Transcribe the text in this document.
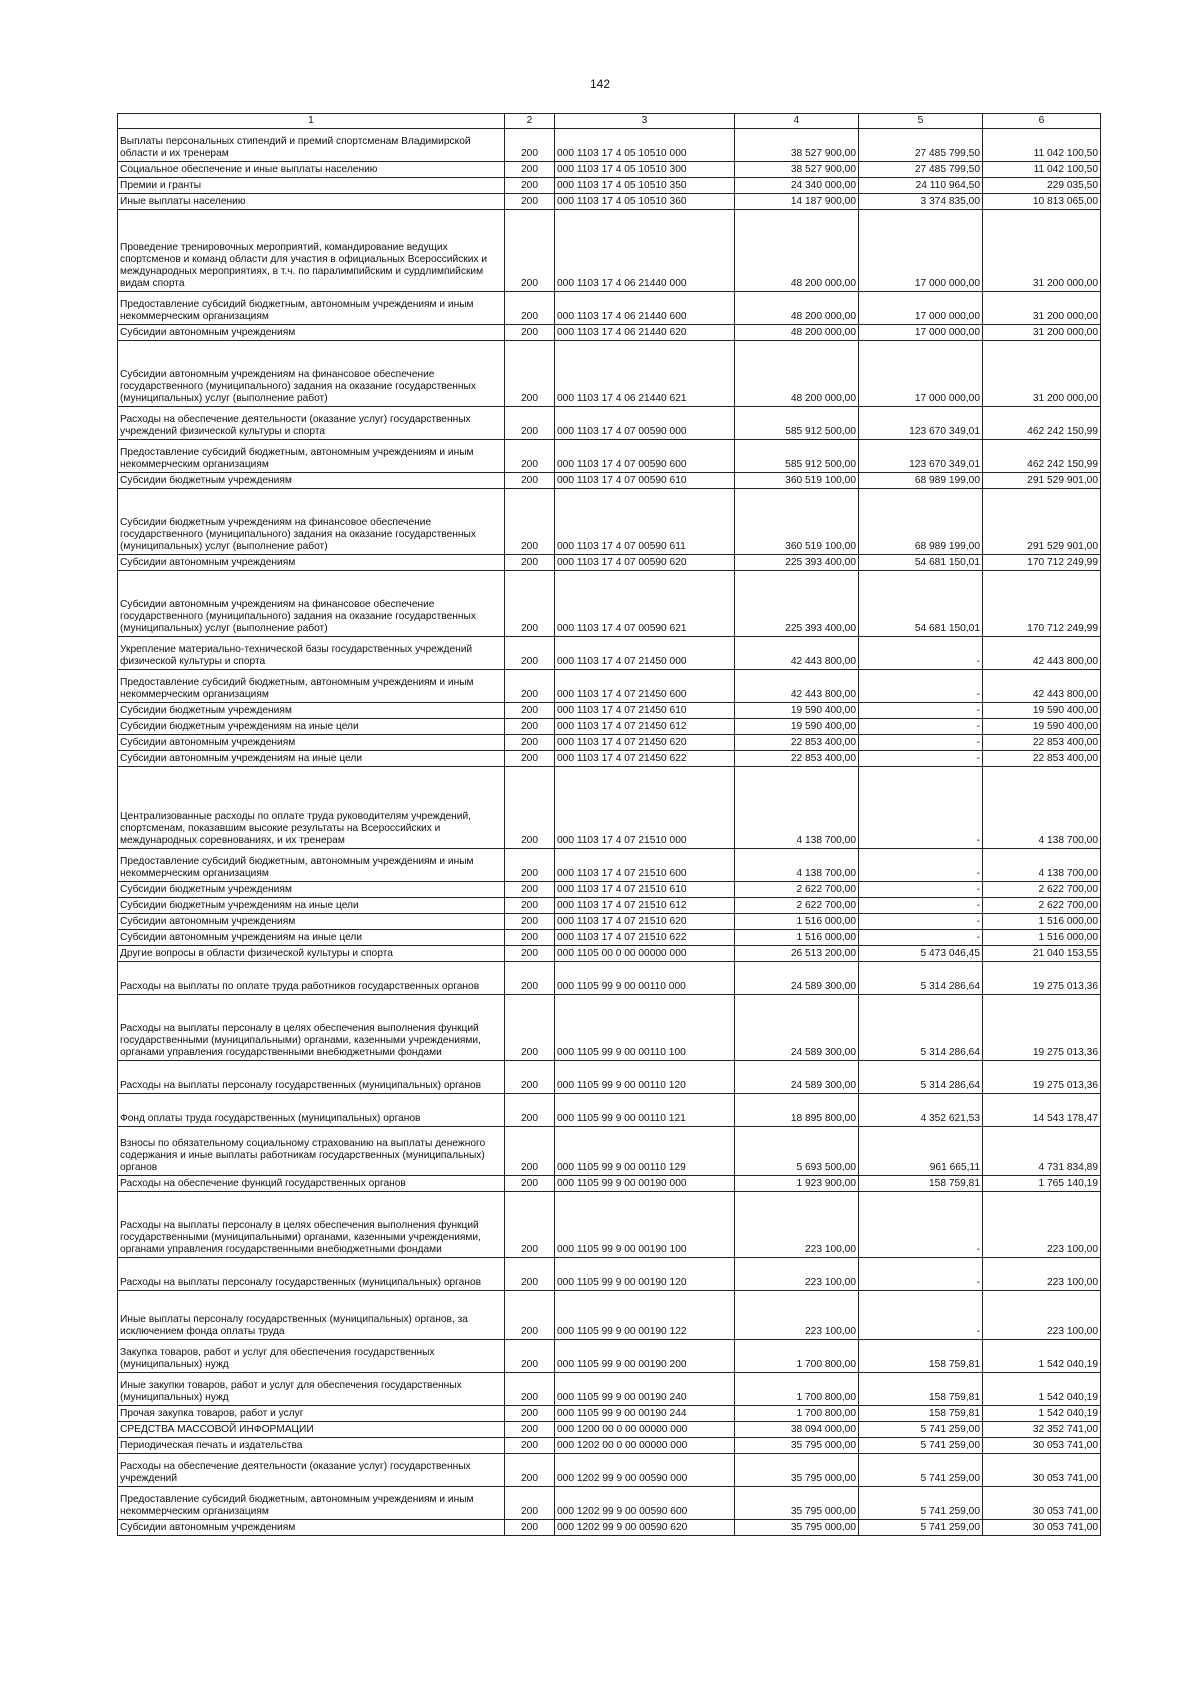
142
1	2	3	4	5	6
Выплаты персональных стипендий и премий спортсменам Владимирской области и их тренерам	200	000 1103 17 4 05 10510 000	38 527 900,00	27 485 799,50	11 042 100,50
Социальное обеспечение и иные выплаты населению	200	000 1103 17 4 05 10510 300	38 527 900,00	27 485 799,50	11 042 100,50
Премии и гранты	200	000 1103 17 4 05 10510 350	24 340 000,00	24 110 964,50	229 035,50
Иные выплаты населению	200	000 1103 17 4 05 10510 360	14 187 900,00	3 374 835,00	10 813 065,00
Проведение тренировочных мероприятий, командирование ведущих спортсменов и команд области для участия в официальных Всероссийских и международных мероприятиях, в т.ч. по паралимпийским и сурдлимпийским видам спорта	200	000 1103 17 4 06 21440 000	48 200 000,00	17 000 000,00	31 200 000,00
Предоставление субсидий бюджетным, автономным учреждениям и иным некоммерческим организациям	200	000 1103 17 4 06 21440 600	48 200 000,00	17 000 000,00	31 200 000,00
Субсидии автономным учреждениям	200	000 1103 17 4 06 21440 620	48 200 000,00	17 000 000,00	31 200 000,00
Субсидии автономным учреждениям на финансовое обеспечение государственного (муниципального) задания на оказание государственных (муниципальных) услуг (выполнение работ)	200	000 1103 17 4 06 21440 621	48 200 000,00	17 000 000,00	31 200 000,00
Расходы на обеспечение деятельности (оказание услуг) государственных учреждений физической культуры и спорта	200	000 1103 17 4 07 00590 000	585 912 500,00	123 670 349,01	462 242 150,99
Предоставление субсидий бюджетным, автономным учреждениям и иным некоммерческим организациям	200	000 1103 17 4 07 00590 600	585 912 500,00	123 670 349,01	462 242 150,99
Субсидии бюджетным учреждениям	200	000 1103 17 4 07 00590 610	360 519 100,00	68 989 199,00	291 529 901,00
Субсидии бюджетным учреждениям на финансовое обеспечение государственного (муниципального) задания на оказание государственных (муниципальных) услуг (выполнение работ)	200	000 1103 17 4 07 00590 611	360 519 100,00	68 989 199,00	291 529 901,00
Субсидии автономным учреждениям	200	000 1103 17 4 07 00590 620	225 393 400,00	54 681 150,01	170 712 249,99
Субсидии автономным учреждениям на финансовое обеспечение государственного (муниципального) задания на оказание государственных (муниципальных) услуг (выполнение работ)	200	000 1103 17 4 07 00590 621	225 393 400,00	54 681 150,01	170 712 249,99
Укрепление материально-технической базы государственных учреждений физической культуры и спорта	200	000 1103 17 4 07 21450 000	42 443 800,00	-	42 443 800,00
Предоставление субсидий бюджетным, автономным учреждениям и иным некоммерческим организациям	200	000 1103 17 4 07 21450 600	42 443 800,00	-	42 443 800,00
Субсидии бюджетным учреждениям	200	000 1103 17 4 07 21450 610	19 590 400,00	-	19 590 400,00
Субсидии бюджетным учреждениям на иные цели	200	000 1103 17 4 07 21450 612	19 590 400,00	-	19 590 400,00
Субсидии автономным учреждениям	200	000 1103 17 4 07 21450 620	22 853 400,00	-	22 853 400,00
Субсидии автономным учреждениям на иные цели	200	000 1103 17 4 07 21450 622	22 853 400,00	-	22 853 400,00
Централизованные расходы по оплате труда руководителям учреждений, спортсменам, показавшим высокие результаты на Всероссийских и международных соревнованиях, и их тренерам	200	000 1103 17 4 07 21510 000	4 138 700,00	-	4 138 700,00
Предоставление субсидий бюджетным, автономным учреждениям и иным некоммерческим организациям	200	000 1103 17 4 07 21510 600	4 138 700,00	-	4 138 700,00
Субсидии бюджетным учреждениям	200	000 1103 17 4 07 21510 610	2 622 700,00	-	2 622 700,00
Субсидии бюджетным учреждениям на иные цели	200	000 1103 17 4 07 21510 612	2 622 700,00	-	2 622 700,00
Субсидии автономным учреждениям	200	000 1103 17 4 07 21510 620	1 516 000,00	-	1 516 000,00
Субсидии автономным учреждениям на иные цели	200	000 1103 17 4 07 21510 622	1 516 000,00	-	1 516 000,00
Другие вопросы в области физической культуры и спорта	200	000 1105 00 0 00 00000 000	26 513 200,00	5 473 046,45	21 040 153,55
Расходы на выплаты по оплате труда работников государственных органов	200	000 1105 99 9 00 00110 000	24 589 300,00	5 314 286,64	19 275 013,36
Расходы на выплаты персоналу в целях обеспечения выполнения функций государственными (муниципальными) органами, казенными учреждениями, органами управления государственными внебюджетными фондами	200	000 1105 99 9 00 00110 100	24 589 300,00	5 314 286,64	19 275 013,36
Расходы на выплаты персоналу государственных (муниципальных) органов	200	000 1105 99 9 00 00110 120	24 589 300,00	5 314 286,64	19 275 013,36
Фонд оплаты труда государственных (муниципальных) органов	200	000 1105 99 9 00 00110 121	18 895 800,00	4 352 621,53	14 543 178,47
Взносы по обязательному социальному страхованию на выплаты денежного содержания и иные выплаты работникам государственных (муниципальных) органов	200	000 1105 99 9 00 00110 129	5 693 500,00	961 665,11	4 731 834,89
Расходы на обеспечение функций государственных органов	200	000 1105 99 9 00 00190 000	1 923 900,00	158 759,81	1 765 140,19
Расходы на выплаты персоналу в целях обеспечения выполнения функций государственными (муниципальными) органами, казенными учреждениями, органами управления государственными внебюджетными фондами	200	000 1105 99 9 00 00190 100	223 100,00	-	223 100,00
Расходы на выплаты персоналу государственных (муниципальных) органов	200	000 1105 99 9 00 00190 120	223 100,00	-	223 100,00
Иные выплаты персоналу государственных (муниципальных) органов, за исключением фонда оплаты труда	200	000 1105 99 9 00 00190 122	223 100,00	-	223 100,00
Закупка товаров, работ и услуг для обеспечения государственных (муниципальных) нужд	200	000 1105 99 9 00 00190 200	1 700 800,00	158 759,81	1 542 040,19
Иные закупки товаров, работ и услуг для обеспечения государственных (муниципальных) нужд	200	000 1105 99 9 00 00190 240	1 700 800,00	158 759,81	1 542 040,19
Прочая закупка товаров, работ и услуг	200	000 1105 99 9 00 00190 244	1 700 800,00	158 759,81	1 542 040,19
СРЕДСТВА МАССОВОЙ ИНФОРМАЦИИ	200	000 1200 00 0 00 00000 000	38 094 000,00	5 741 259,00	32 352 741,00
Периодическая печать и издательства	200	000 1202 00 0 00 00000 000	35 795 000,00	5 741 259,00	30 053 741,00
Расходы на обеспечение деятельности (оказание услуг) государственных учреждений	200	000 1202 99 9 00 00590 000	35 795 000,00	5 741 259,00	30 053 741,00
Предоставление субсидий бюджетным, автономным учреждениям и иным некоммерческим организациям	200	000 1202 99 9 00 00590 600	35 795 000,00	5 741 259,00	30 053 741,00
Субсидии автономным учреждениям	200	000 1202 99 9 00 00590 620	35 795 000,00	5 741 259,00	30 053 741,00
